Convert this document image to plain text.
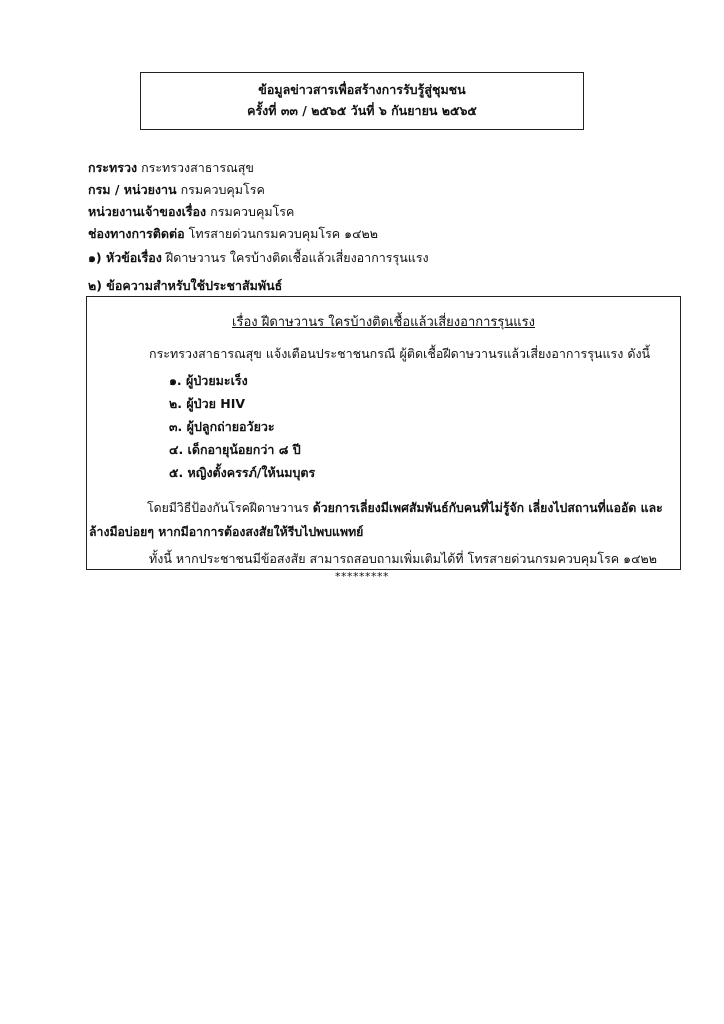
ข้อมูลข่าวสารเพื่อสร้างการรับรู้สู่ชุมชน
ครั้งที่ ๓๓ / ๒๕๖๕ วันที่ ๖ กันยายน ๒๕๖๕
กระทรวง กระทรวงสาธารณสุข
กรม / หน่วยงาน กรมควบคุมโรค
หน่วยงานเจ้าของเรื่อง กรมควบคุมโรค
ช่องทางการติดต่อ โทรสายด่วนกรมควบคุมโรค ๑๔๒๒
๑) หัวข้อเรื่อง ฝีดาษวานร ใครบ้างติดเชื้อแล้วเสี่ยงอาการรุนแรง
๒) ข้อความสำหรับใช้ประชาสัมพันธ์
เรื่อง ฝีดาษวานร ใครบ้างติดเชื้อแล้วเสี่ยงอาการรุนแรง
กระทรวงสาธารณสุข แจ้งเตือนประชาชนกรณี ผู้ติดเชื้อฝีดาษวานรแล้วเสี่ยงอาการรุนแรง ดังนี้
๑. ผู้ป่วยมะเร็ง
๒. ผู้ป่วย HIV
๓. ผู้ปลูกถ่ายอวัยวะ
๔. เด็กอายุน้อยกว่า ๘ ปี
๕. หญิงตั้งครรภ์/ให้นมบุตร
โดยมีวิธีป้องกันโรคฝีดาษวานร ด้วยการเลี่ยงมีเพศสัมพันธ์กับคนที่ไม่รู้จัก เลี่ยงไปสถานที่แออัด และล้างมือบ่อยๆ หากมีอาการต้องสงสัยให้รีบไปพบแพทย์
ทั้งนี้ หากประชาชนมีข้อสงสัย สามารถสอบถามเพิ่มเติมได้ที่ โทรสายด่วนกรมควบคุมโรค ๑๔๒๒
*********
